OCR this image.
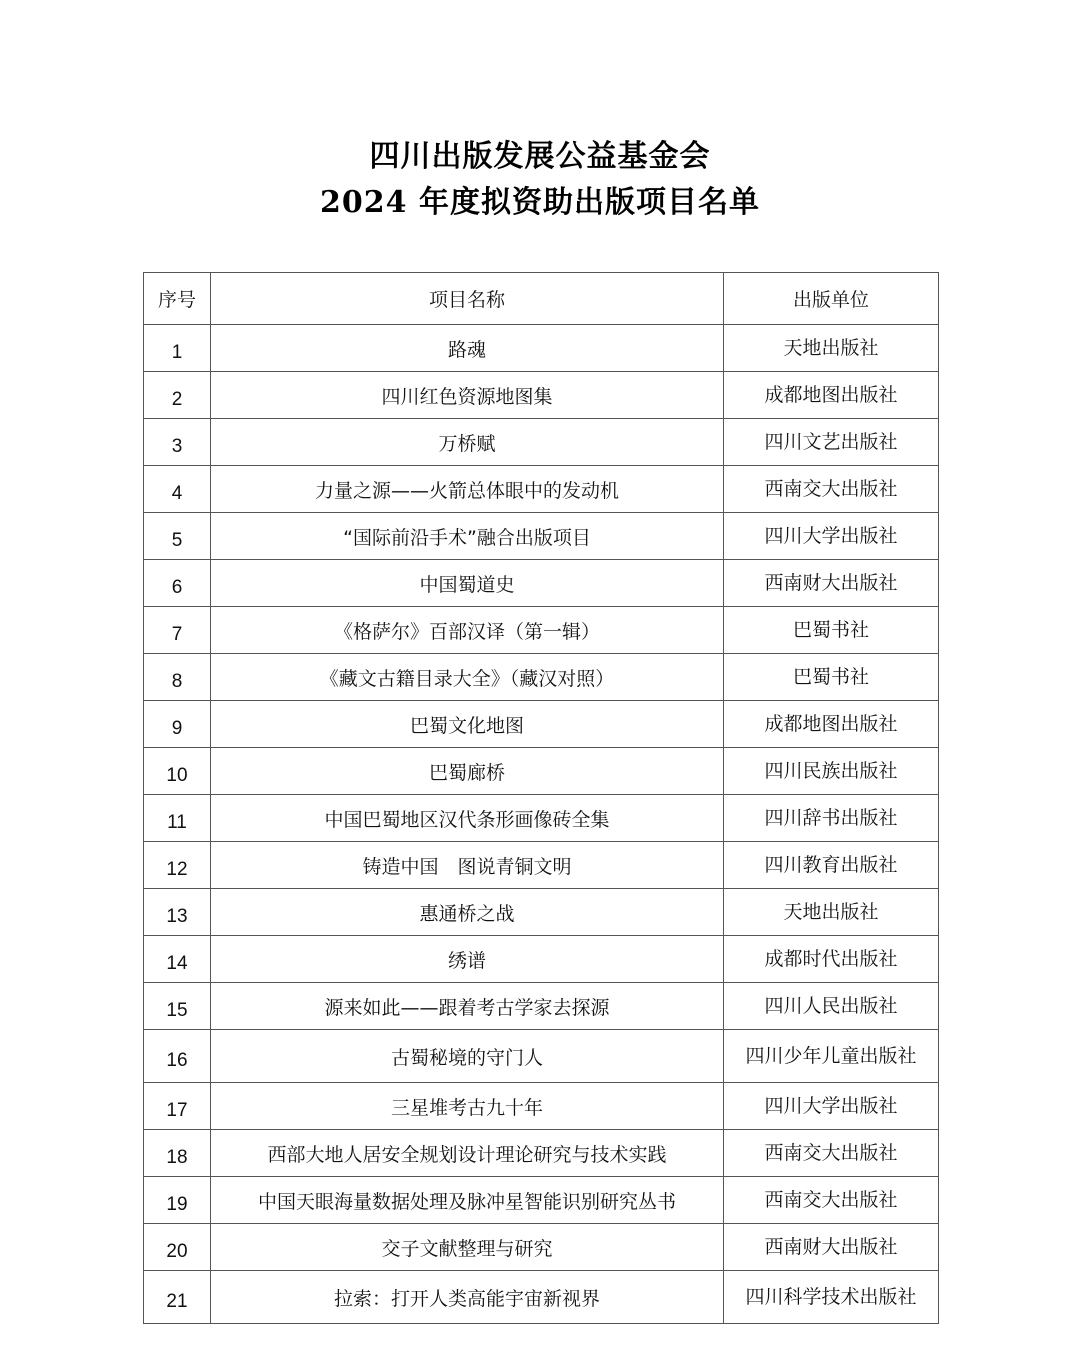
四川出版发展公益基金会
2024 年度拟资助出版项目名单
序号	项目名称	出版单位
1	路魂	天地出版社
2	四川红色资源地图集	成都地图出版社
3	万桥赋	四川文艺出版社
4	力量之源——火箭总体眼中的发动机	西南交大出版社
5	“国际前沿手术”融合出版项目	四川大学出版社
6	中国蜀道史	西南财大出版社
7	《格萨尔》百部汉译（第一辑）	巴蜀书社
8	《藏文古籍目录大全》（藏汉对照）	巴蜀书社
9	巴蜀文化地图	成都地图出版社
10	巴蜀廊桥	四川民族出版社
11	中国巴蜀地区汉代条形画像砖全集	四川辞书出版社
12	铸造中国　图说青铜文明	四川教育出版社
13	惠通桥之战	天地出版社
14	绣谱	成都时代出版社
15	源来如此——跟着考古学家去探源	四川人民出版社
16	古蜀秘境的守门人	四川少年儿童出版社
17	三星堆考古九十年	四川大学出版社
18	西部大地人居安全规划设计理论研究与技术实践	西南交大出版社
19	中国天眼海量数据处理及脉冲星智能识别研究丛书	西南交大出版社
20	交子文献整理与研究	西南财大出版社
21	拉索：打开人类高能宇宙新视界	四川科学技术出版社
